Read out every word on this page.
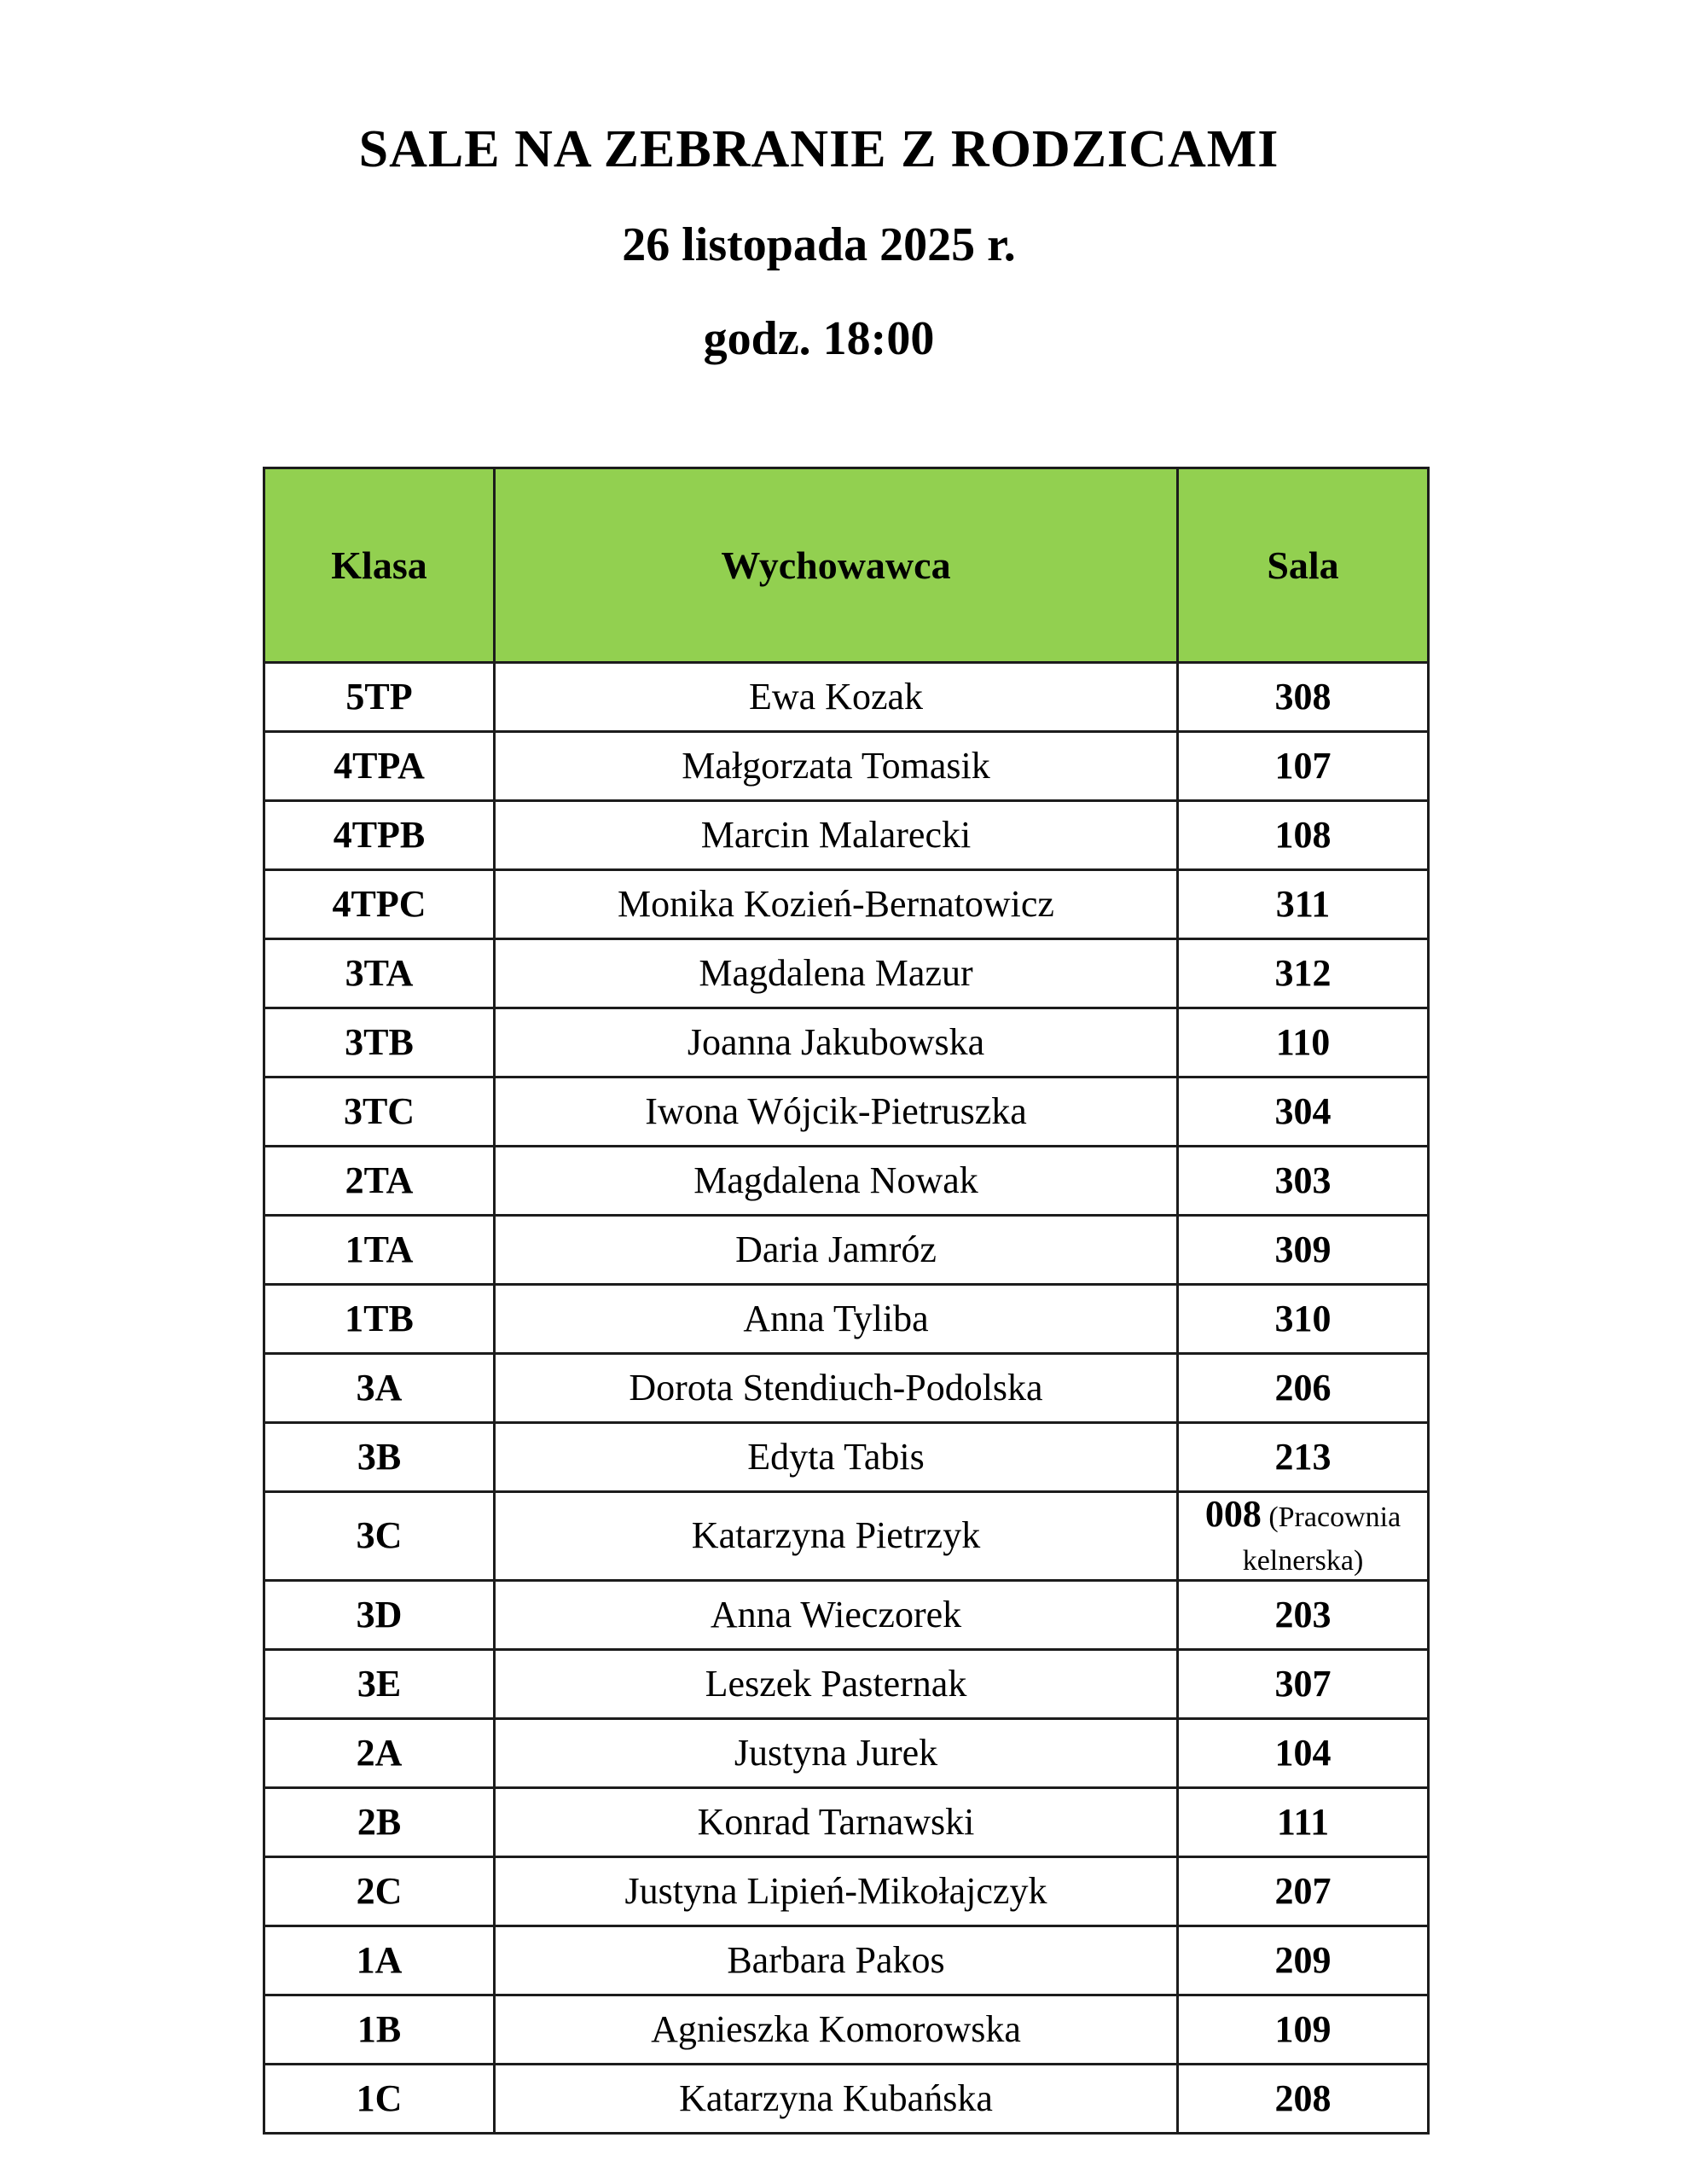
SALE NA ZEBRANIE Z RODZICAMI

26 listopada 2025 r.

godz. 18:00

Klasa	Wychowawca	Sala
5TP	Ewa Kozak	308
4TPA	Małgorzata Tomasik	107
4TPB	Marcin Malarecki	108
4TPC	Monika Kozień-Bernatowicz	311
3TA	Magdalena Mazur	312
3TB	Joanna Jakubowska	110
3TC	Iwona Wójcik-Pietruszka	304
2TA	Magdalena Nowak	303
1TA	Daria Jamróz	309
1TB	Anna Tyliba	310
3A	Dorota Stendiuch-Podolska	206
3B	Edyta Tabis	213
3C	Katarzyna Pietrzyk	008 (Pracownia kelnerska)
3D	Anna Wieczorek	203
3E	Leszek Pasternak	307
2A	Justyna Jurek	104
2B	Konrad Tarnawski	111
2C	Justyna Lipień-Mikołajczyk	207
1A	Barbara Pakos	209
1B	Agnieszka Komorowska	109
1C	Katarzyna Kubańska	208
